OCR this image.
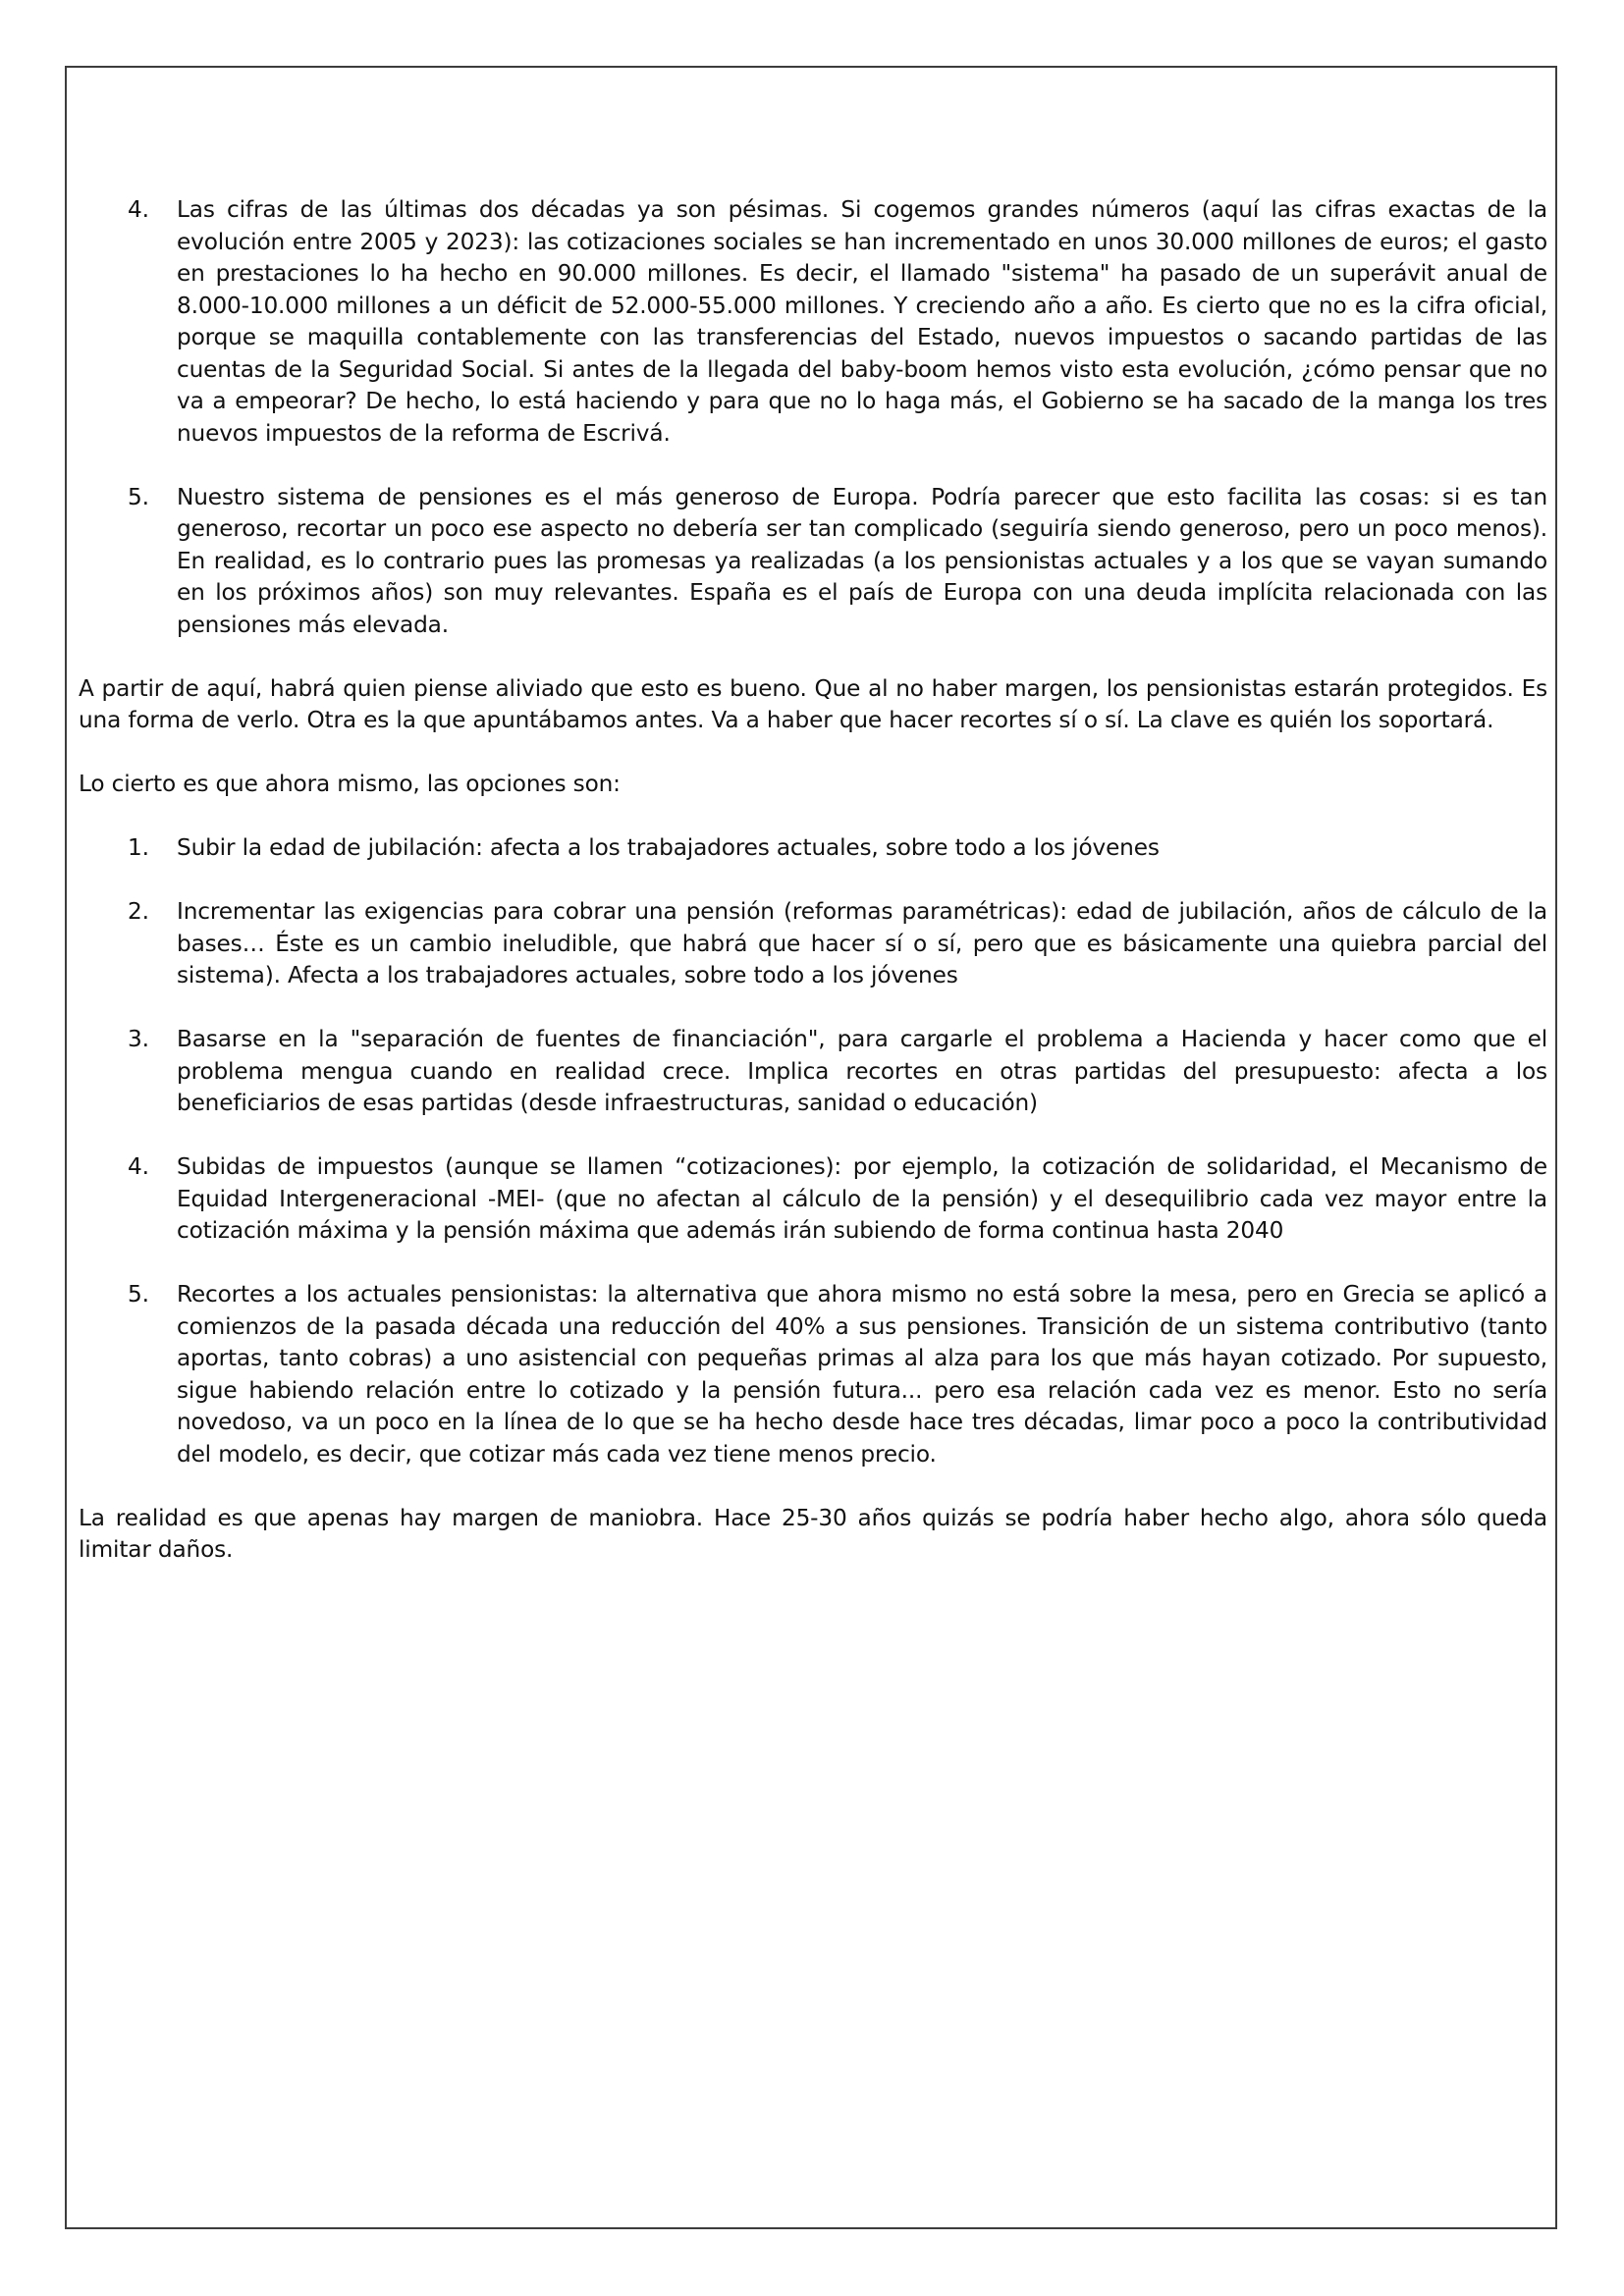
4. Las cifras de las últimas dos décadas ya son pésimas. Si cogemos grandes números (aquí las cifras exactas de la evolución entre 2005 y 2023): las cotizaciones sociales se han incrementado en unos 30.000 millones de euros; el gasto en prestaciones lo ha hecho en 90.000 millones. Es decir, el llamado "sistema" ha pasado de un superávit anual de 8.000-10.000 millones a un déficit de 52.000-55.000 millones. Y creciendo año a año. Es cierto que no es la cifra oficial, porque se maquilla contablemente con las transferencias del Estado, nuevos impuestos o sacando partidas de las cuentas de la Seguridad Social. Si antes de la llegada del baby-boom hemos visto esta evolución, ¿cómo pensar que no va a empeorar? De hecho, lo está haciendo y para que no lo haga más, el Gobierno se ha sacado de la manga los tres nuevos impuestos de la reforma de Escrivá.
5. Nuestro sistema de pensiones es el más generoso de Europa. Podría parecer que esto facilita las cosas: si es tan generoso, recortar un poco ese aspecto no debería ser tan complicado (seguiría siendo generoso, pero un poco menos). En realidad, es lo contrario pues las promesas ya realizadas (a los pensionistas actuales y a los que se vayan sumando en los próximos años) son muy relevantes. España es el país de Europa con una deuda implícita relacionada con las pensiones más elevada.

A partir de aquí, habrá quien piense aliviado que esto es bueno. Que al no haber margen, los pensionistas estarán protegidos. Es una forma de verlo. Otra es la que apuntábamos antes. Va a haber que hacer recortes sí o sí. La clave es quién los soportará.

Lo cierto es que ahora mismo, las opciones son:

1. Subir la edad de jubilación: afecta a los trabajadores actuales, sobre todo a los jóvenes
2. Incrementar las exigencias para cobrar una pensión (reformas paramétricas): edad de jubilación, años de cálculo de la bases… Éste es un cambio ineludible, que habrá que hacer sí o sí, pero que es básicamente una quiebra parcial del sistema). Afecta a los trabajadores actuales, sobre todo a los jóvenes
3. Basarse en la "separación de fuentes de financiación", para cargarle el problema a Hacienda y hacer como que el problema mengua cuando en realidad crece. Implica recortes en otras partidas del presupuesto: afecta a los beneficiarios de esas partidas (desde infraestructuras, sanidad o educación)
4. Subidas de impuestos (aunque se llamen “cotizaciones): por ejemplo, la cotización de solidaridad, el Mecanismo de Equidad Intergeneracional -MEI- (que no afectan al cálculo de la pensión) y el desequilibrio cada vez mayor entre la cotización máxima y la pensión máxima que además irán subiendo de forma continua hasta 2040
5. Recortes a los actuales pensionistas: la alternativa que ahora mismo no está sobre la mesa, pero en Grecia se aplicó a comienzos de la pasada década una reducción del 40% a sus pensiones. Transición de un sistema contributivo (tanto aportas, tanto cobras) a uno asistencial con pequeñas primas al alza para los que más hayan cotizado. Por supuesto, sigue habiendo relación entre lo cotizado y la pensión futura... pero esa relación cada vez es menor. Esto no sería novedoso, va un poco en la línea de lo que se ha hecho desde hace tres décadas, limar poco a poco la contributividad del modelo, es decir, que cotizar más cada vez tiene menos precio.

La realidad es que apenas hay margen de maniobra. Hace 25-30 años quizás se podría haber hecho algo, ahora sólo queda limitar daños.
